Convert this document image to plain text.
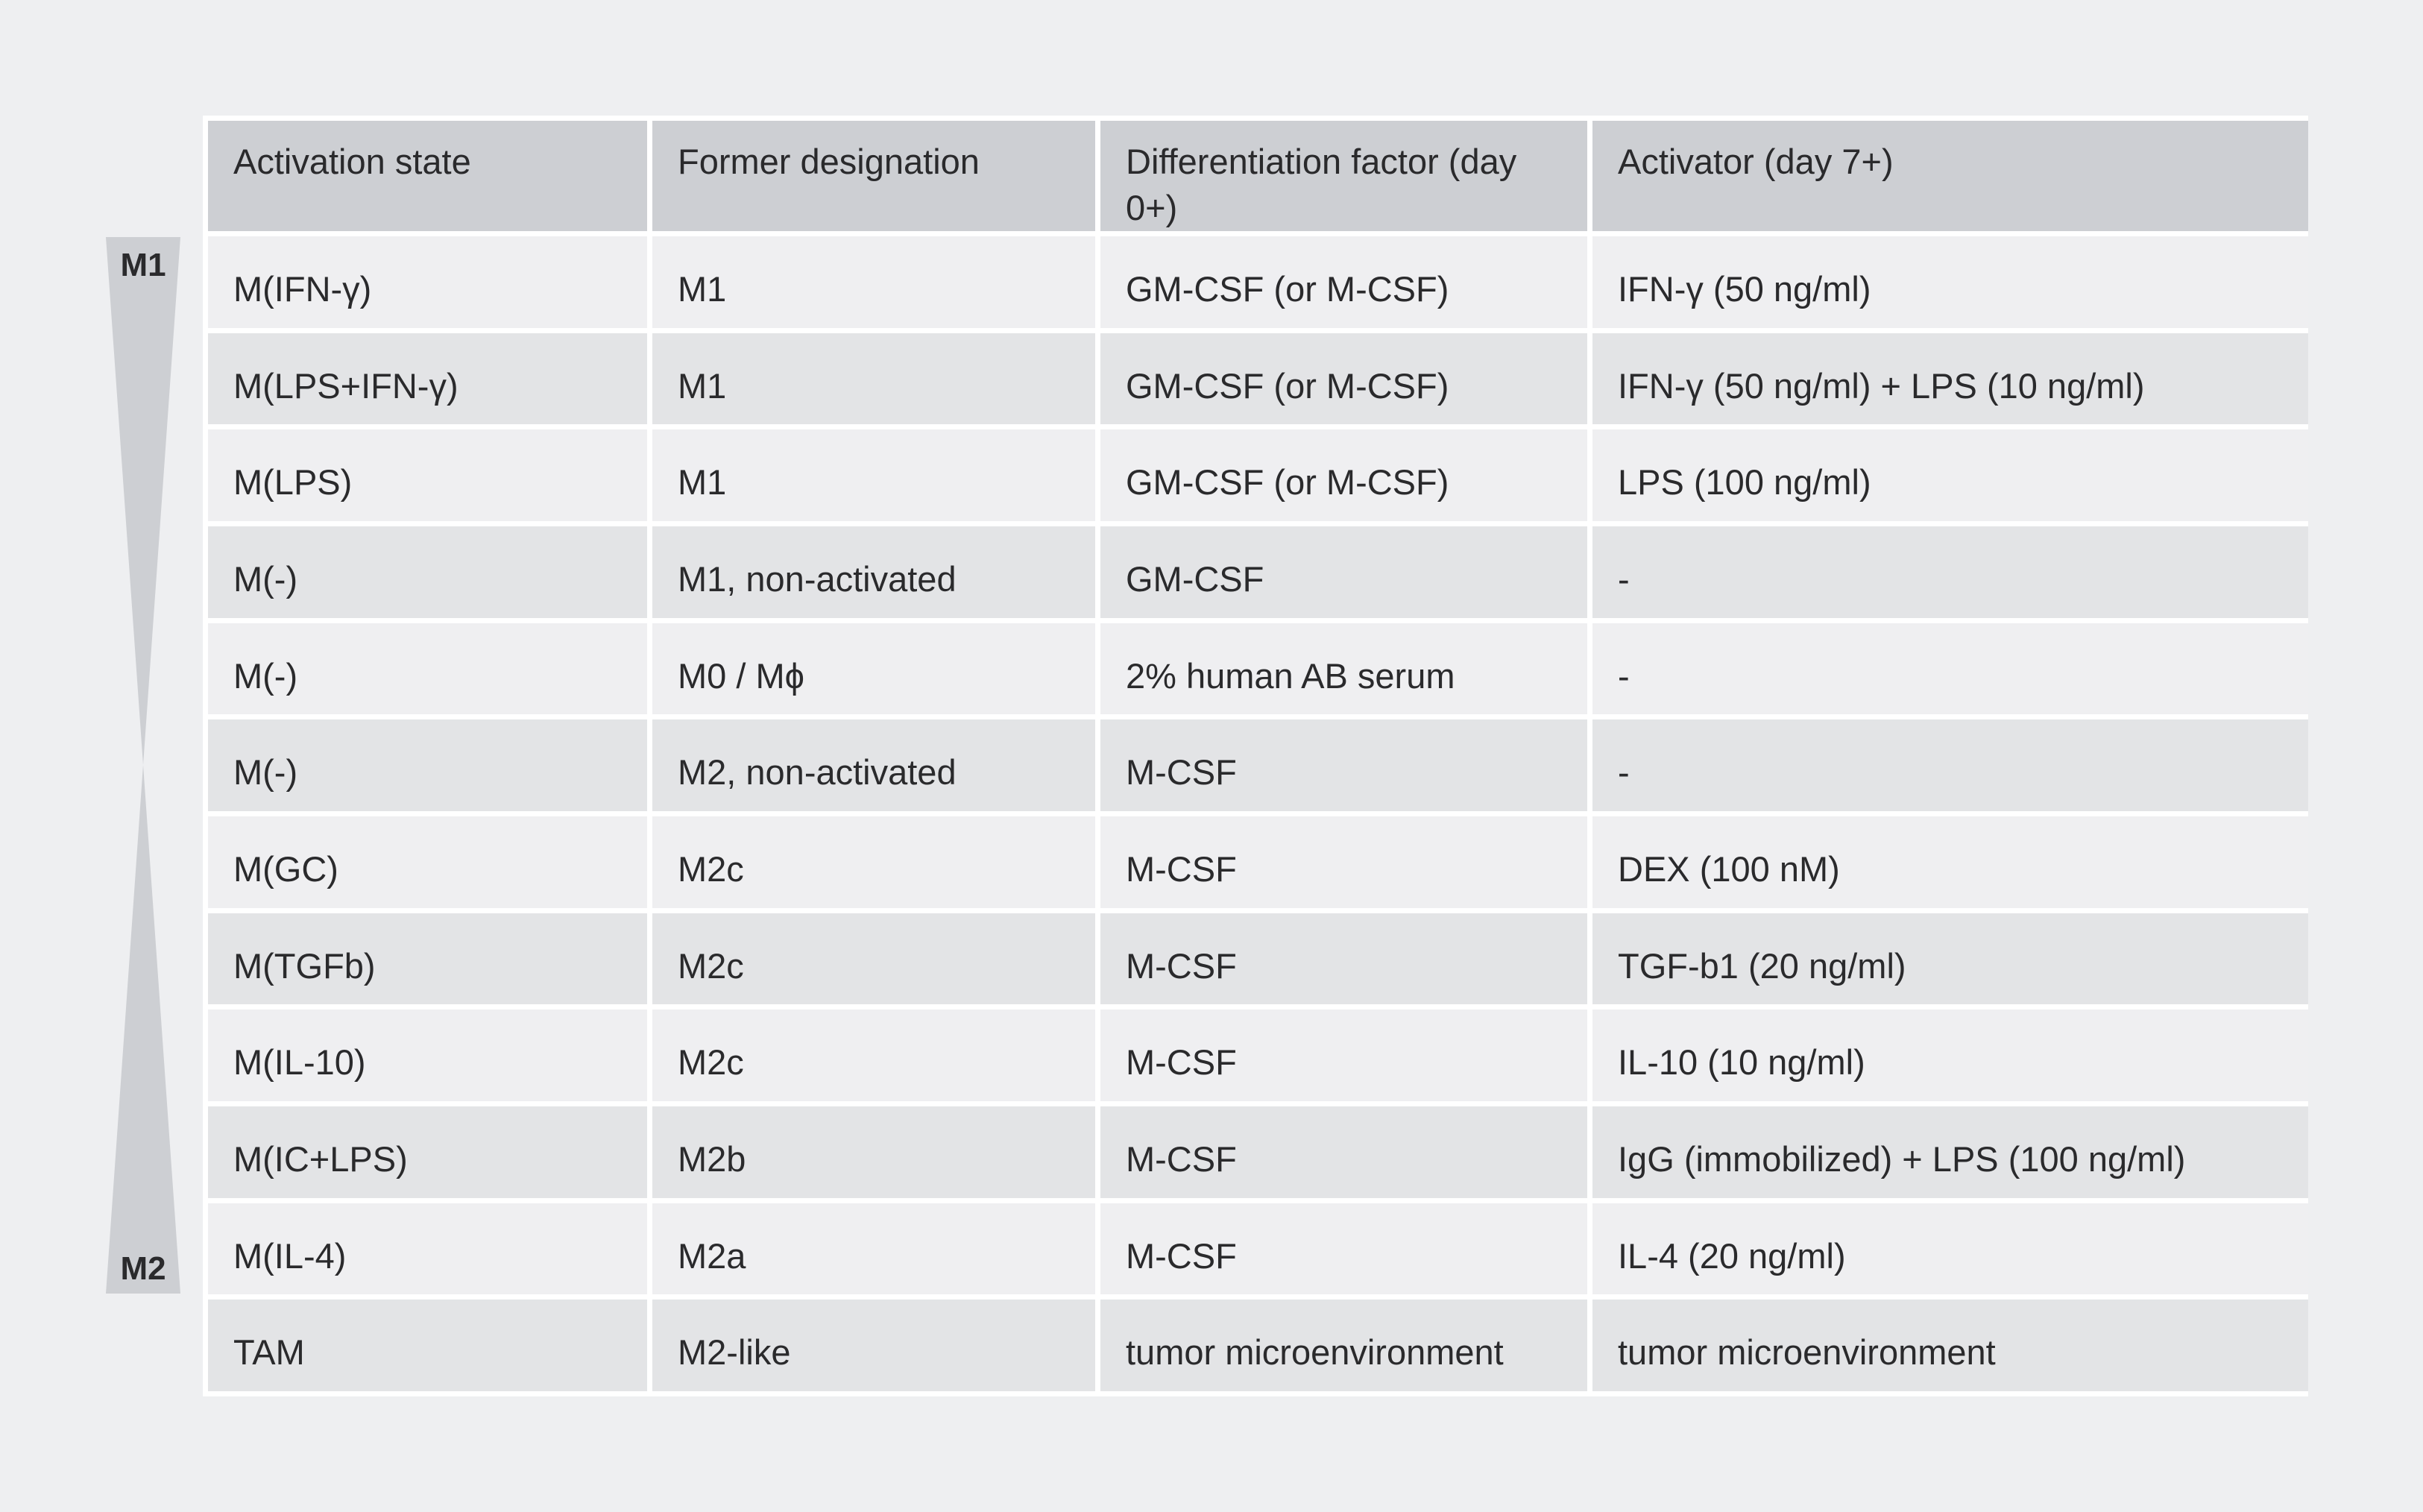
M1
M2
Activation state	Former designation	Differentiation factor (day 0+)	Activator (day 7+)
M(IFN-γ)	M1	GM-CSF (or M-CSF)	IFN-γ (50 ng/ml)
M(LPS+IFN-γ)	M1	GM-CSF (or M-CSF)	IFN-γ (50 ng/ml) + LPS (10 ng/ml)
M(LPS)	M1	GM-CSF (or M-CSF)	LPS (100 ng/ml)
M(-)	M1, non-activated	GM-CSF	-
M(-)	M0 / Mϕ	2% human AB serum	-
M(-)	M2, non-activated	M-CSF	-
M(GC)	M2c	M-CSF	DEX (100 nM)
M(TGFb)	M2c	M-CSF	TGF-b1 (20 ng/ml)
M(IL-10)	M2c	M-CSF	IL-10 (10 ng/ml)
M(IC+LPS)	M2b	M-CSF	IgG (immobilized) + LPS (100 ng/ml)
M(IL-4)	M2a	M-CSF	IL-4 (20 ng/ml)
TAM	M2-like	tumor microenvironment	tumor microenvironment
